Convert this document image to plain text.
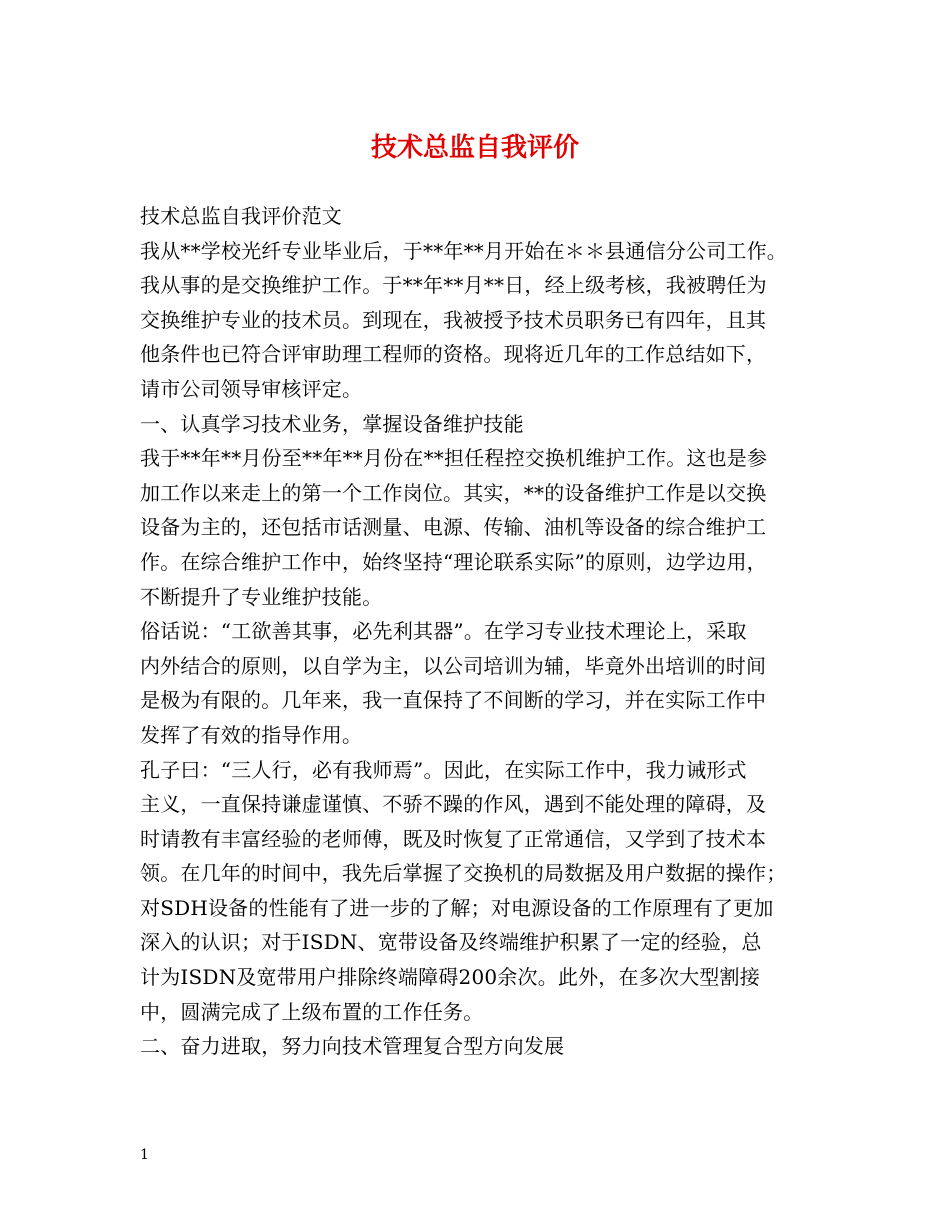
技术总监自我评价
技术总监自我评价范文
我从**学校光纤专业毕业后，于**年**月开始在＊＊县通信分公司工作。
我从事的是交换维护工作。于**年**月**日，经上级考核，我被聘任为
交换维护专业的技术员。到现在，我被授予技术员职务已有四年，且其
他条件也已符合评审助理工程师的资格。现将近几年的工作总结如下，
请市公司领导审核评定。
一、认真学习技术业务，掌握设备维护技能
我于**年**月份至**年**月份在**担任程控交换机维护工作。这也是参
加工作以来走上的第一个工作岗位。其实，**的设备维护工作是以交换
设备为主的，还包括市话测量、电源、传输、油机等设备的综合维护工
作。在综合维护工作中，始终坚持“理论联系实际”的原则，边学边用，
不断提升了专业维护技能。
俗话说：“工欲善其事，必先利其器”。在学习专业技术理论上，采取
内外结合的原则，以自学为主，以公司培训为辅，毕竟外出培训的时间
是极为有限的。几年来，我一直保持了不间断的学习，并在实际工作中
发挥了有效的指导作用。
孔子曰：“三人行，必有我师焉”。因此，在实际工作中，我力诫形式
主义，一直保持谦虚谨慎、不骄不躁的作风，遇到不能处理的障碍，及
时请教有丰富经验的老师傅，既及时恢复了正常通信，又学到了技术本
领。在几年的时间中，我先后掌握了交换机的局数据及用户数据的操作；
对SDH设备的性能有了进一步的了解；对电源设备的工作原理有了更加
深入的认识；对于ISDN、宽带设备及终端维护积累了一定的经验，总
计为ISDN及宽带用户排除终端障碍200余次。此外，在多次大型割接
中，圆满完成了上级布置的工作任务。
二、奋力进取，努力向技术管理复合型方向发展
1
